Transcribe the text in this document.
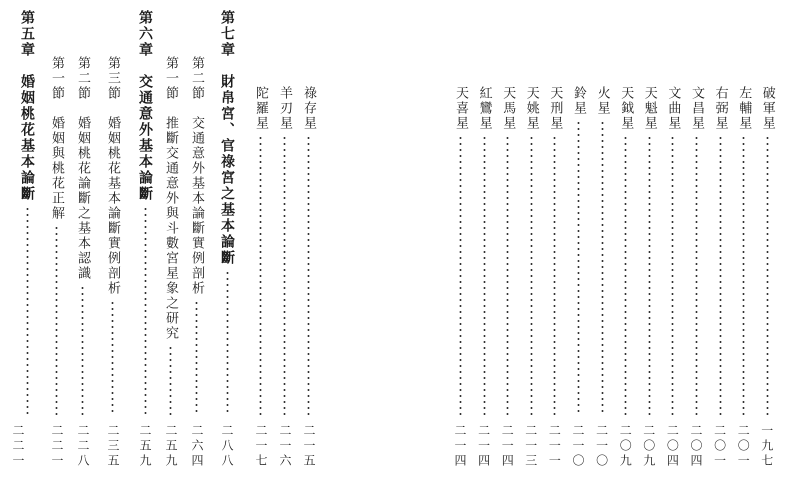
第七章　財帛宮、官祿宮之基本論斷
二八八
第二節　交通意外基本論斷實例剖析
二六四
第一節　推斷交通意外與斗數宮星象之研究
二五九
第六章　交通意外基本論斷
二五九
第三節　婚姻桃花基本論斷實例剖析
二三五
第二節　婚姻桃花論斷之基本認識
二二八
第一節　婚姻與桃花正解
二二一
第五章　婚姻桃花基本論斷
二二一
陀羅星
二一七
羊刃星
二一六
祿存星
二一五
天喜星
二一四
紅鸞星
二一四
天馬星
二一四
天姚星
二一三
天刑星
二一一
鈴星
二一〇
火星
二一〇
天鉞星
二〇九
天魁星
二〇九
文曲星
二〇四
文昌星
二〇四
右弼星
二〇一
左輔星
二〇一
破軍星
一九七
